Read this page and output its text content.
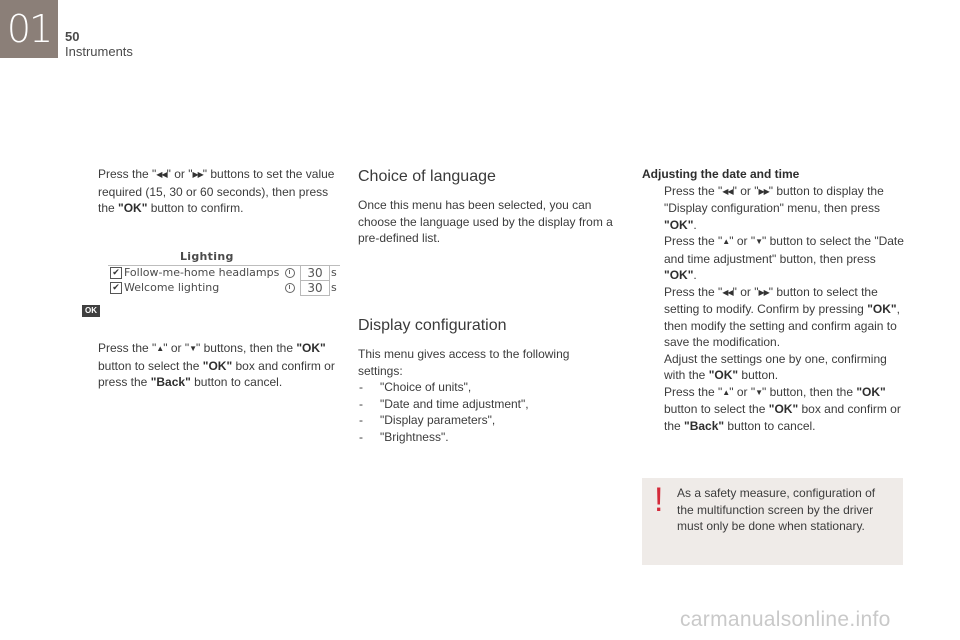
01	50
Instruments
Press the "◀◀" or "▶▶" buttons to set the value required (15, 30 or 60 seconds), then press the "OK" button to confirm.
Lighting
✔ Follow-me-home headlamps	30 s
✔ Welcome lighting	30 s
OK
Press the "▲" or "▼" buttons, then the "OK" button to select the "OK" box and confirm or press the "Back" button to cancel.
Choice of language
Once this menu has been selected, you can choose the language used by the display from a pre-defined list.
Display configuration
This menu gives access to the following settings:
- "Choice of units",
- "Date and time adjustment",
- "Display parameters",
- "Brightness".
Adjusting the date and time
Press the "◀◀" or "▶▶" button to display the "Display configuration" menu, then press "OK".
Press the "▲" or "▼" button to select the "Date and time adjustment" button, then press "OK".
Press the "◀◀" or "▶▶" button to select the setting to modify. Confirm by pressing "OK", then modify the setting and confirm again to save the modification.
Adjust the settings one by one, confirming with the "OK" button.
Press the "▲" or "▼" button, then the "OK" button to select the "OK" box and confirm or the "Back" button to cancel.
! As a safety measure, configuration of the multifunction screen by the driver must only be done when stationary.
carmanualsonline.info
